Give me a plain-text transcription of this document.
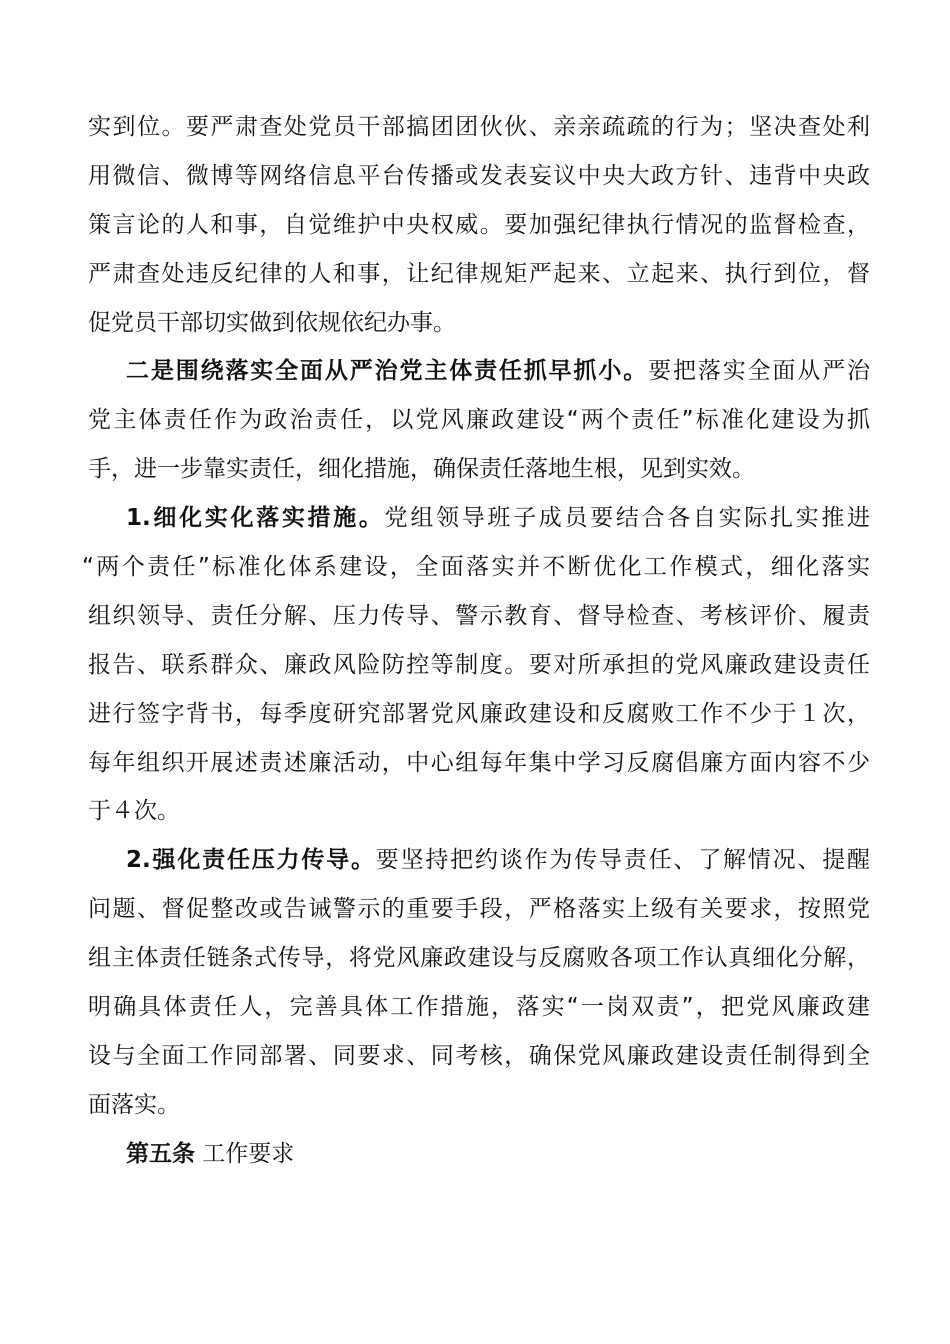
实到位。要严肃查处党员干部搞团团伙伙、亲亲疏疏的行为；坚决查处利
用微信、微博等网络信息平台传播或发表妄议中央大政方针、违背中央政
策言论的人和事，自觉维护中央权威。要加强纪律执行情况的监督检查，
严肃查处违反纪律的人和事，让纪律规矩严起来、立起来、执行到位，督
促党员干部切实做到依规依纪办事。
二是围绕落实全面从严治党主体责任抓早抓小。要把落实全面从严治
党主体责任作为政治责任，以党风廉政建设“两个责任”标准化建设为抓
手，进一步靠实责任，细化措施，确保责任落地生根，见到实效。
1.细化实化落实措施。党组领导班子成员要结合各自实际扎实推进
“两个责任”标准化体系建设，全面落实并不断优化工作模式，细化落实
组织领导、责任分解、压力传导、警示教育、督导检查、考核评价、履责
报告、联系群众、廉政风险防控等制度。要对所承担的党风廉政建设责任
进行签字背书，每季度研究部署党风廉政建设和反腐败工作不少于１次，
每年组织开展述责述廉活动，中心组每年集中学习反腐倡廉方面内容不少
于４次。
2.强化责任压力传导。要坚持把约谈作为传导责任、了解情况、提醒
问题、督促整改或告诫警示的重要手段，严格落实上级有关要求，按照党
组主体责任链条式传导，将党风廉政建设与反腐败各项工作认真细化分解，
明确具体责任人，完善具体工作措施，落实“一岗双责”，把党风廉政建
设与全面工作同部署、同要求、同考核，确保党风廉政建设责任制得到全
面落实。
第五条 工作要求
